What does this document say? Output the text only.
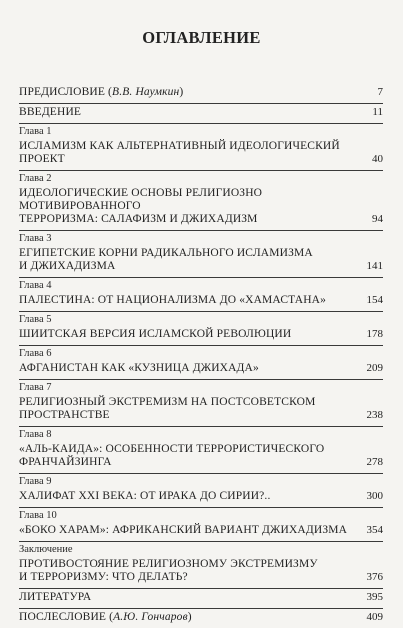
ОГЛАВЛЕНИЕ
ПРЕДИСЛОВИЕ (В.В. Наумкин)	7
ВВЕДЕНИЕ	11
Глава 1
ИСЛАМИЗМ КАК АЛЬТЕРНАТИВНЫЙ ИДЕОЛОГИЧЕСКИЙ ПРОЕКТ	40
Глава 2
ИДЕОЛОГИЧЕСКИЕ ОСНОВЫ РЕЛИГИОЗНО МОТИВИРОВАННОГО
ТЕРРОРИЗМА: САЛАФИЗМ И ДЖИХАДИЗМ	94
Глава 3
ЕГИПЕТСКИЕ КОРНИ РАДИКАЛЬНОГО ИСЛАМИЗМА
И ДЖИХАДИЗМА	141
Глава 4
ПАЛЕСТИНА: ОТ НАЦИОНАЛИЗМА ДО «ХАМАСТАНА»	154
Глава 5
ШИИТСКАЯ ВЕРСИЯ ИСЛАМСКОЙ РЕВОЛЮЦИИ	178
Глава 6
АФГАНИСТАН КАК «КУЗНИЦА ДЖИХАДА»	209
Глава 7
РЕЛИГИОЗНЫЙ ЭКСТРЕМИЗМ НА ПОСТСОВЕТСКОМ
ПРОСТРАНСТВЕ	238
Глава 8
«АЛЬ-КАИДА»: ОСОБЕННОСТИ ТЕРРОРИСТИЧЕСКОГО
ФРАНЧАЙЗИНГА	278
Глава 9
ХАЛИФАТ XXI ВЕКА: ОТ ИРАКА ДО СИРИИ?..	300
Глава 10
«БОКО ХАРАМ»: АФРИКАНСКИЙ ВАРИАНТ ДЖИХАДИЗМА	354
Заключение
ПРОТИВОСТОЯНИЕ РЕЛИГИОЗНОМУ ЭКСТРЕМИЗМУ
И ТЕРРОРИЗМУ: ЧТО ДЕЛАТЬ?	376
ЛИТЕРАТУРА	395
ПОСЛЕСЛОВИЕ (А.Ю. Гончаров)	409
